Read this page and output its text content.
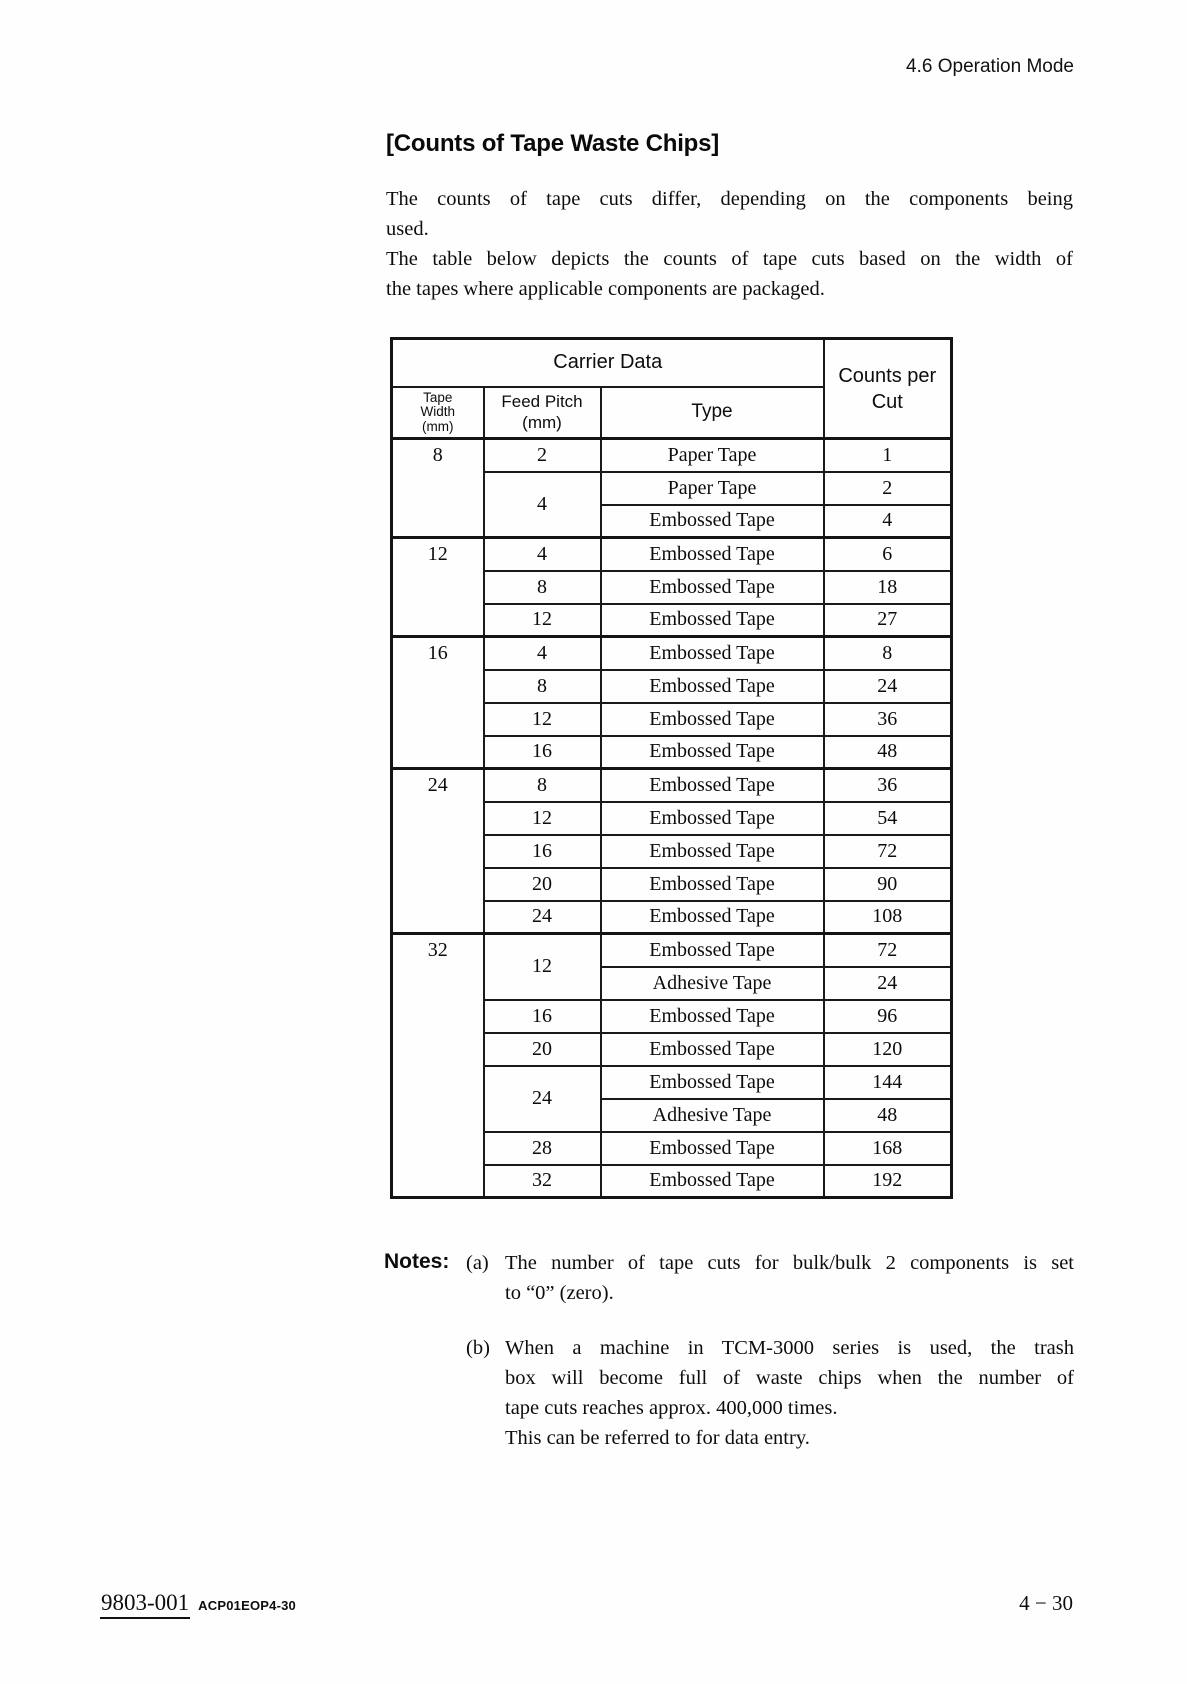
4.6 Operation Mode
[Counts of Tape Waste Chips]
The counts of tape cuts differ, depending on the components being
used.
The table below depicts the counts of tape cuts based on the width of
the tapes where applicable components are packaged.
Carrier Data			Counts per
Cut

Tape
Width
(mm)	Feed Pitch
(mm)	Type	
8	2	Paper Tape	1
	4	Paper Tape	2
		Embossed Tape	4
12	4	Embossed Tape	6
	8	Embossed Tape	18
	12	Embossed Tape	27
16	4	Embossed Tape	8
	8	Embossed Tape	24
	12	Embossed Tape	36
	16	Embossed Tape	48
24	8	Embossed Tape	36
	12	Embossed Tape	54
	16	Embossed Tape	72
	20	Embossed Tape	90
	24	Embossed Tape	108
32	12	Embossed Tape	72
		Adhesive Tape	24
	16	Embossed Tape	96
	20	Embossed Tape	120
	24	Embossed Tape	144
		Adhesive Tape	48
	28	Embossed Tape	168
	32	Embossed Tape	192
Notes: (a) The number of tape cuts for bulk/bulk 2 components is set
to “0” (zero).
(b) When a machine in TCM-3000 series is used, the trash
box will become full of waste chips when the number of
tape cuts reaches approx. 400,000 times.
This can be referred to for data entry.
9803-001 ACP01EOP4-30	4 − 30
